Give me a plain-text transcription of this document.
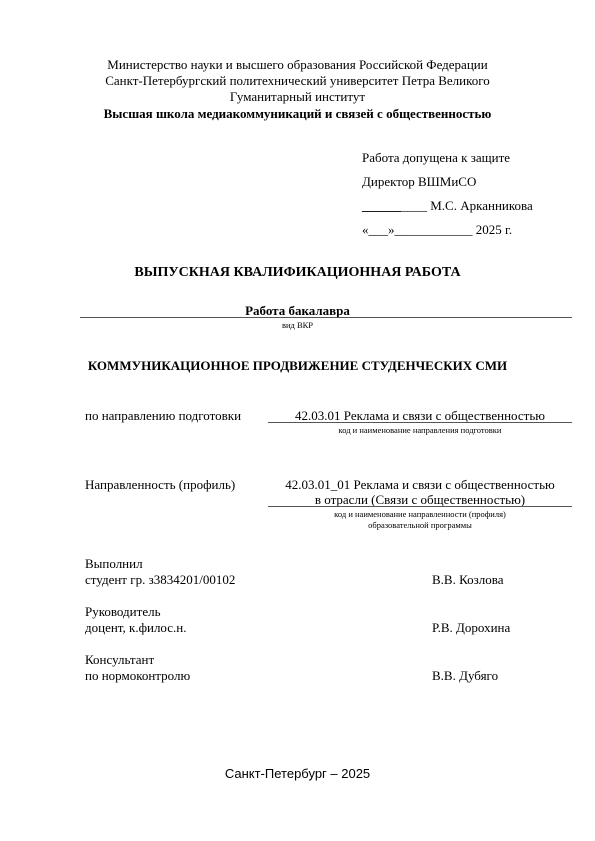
Министерство науки и высшего образования Российской Федерации
Санкт-Петербургский политехнический университет Петра Великого
Гуманитарный институт
Высшая школа медиакоммуникаций и связей с общественностью
Работа допущена к защите
Директор ВШМиСО
__________ М.С. Арканникова
«___»____________ 2025 г.
ВЫПУСКНАЯ КВАЛИФИКАЦИОННАЯ РАБОТА
Работа бакалавра
вид ВКР
КОММУНИКАЦИОННОЕ ПРОДВИЖЕНИЕ СТУДЕНЧЕСКИХ СМИ
по направлению подготовки	42.03.01 Реклама и связи с общественностью
код и наименование направления подготовки
Направленность (профиль)	42.03.01_01 Реклама и связи с общественностью
в отрасли (Связи с общественностью)
код и наименование направленности (профиля)
образовательной программы
Выполнил
студент гр. з3834201/00102	В.В. Козлова
Руководитель
доцент, к.филос.н.	Р.В. Дорохина
Консультант
по нормоконтролю	В.В. Дубяго
Санкт-Петербург – 2025
